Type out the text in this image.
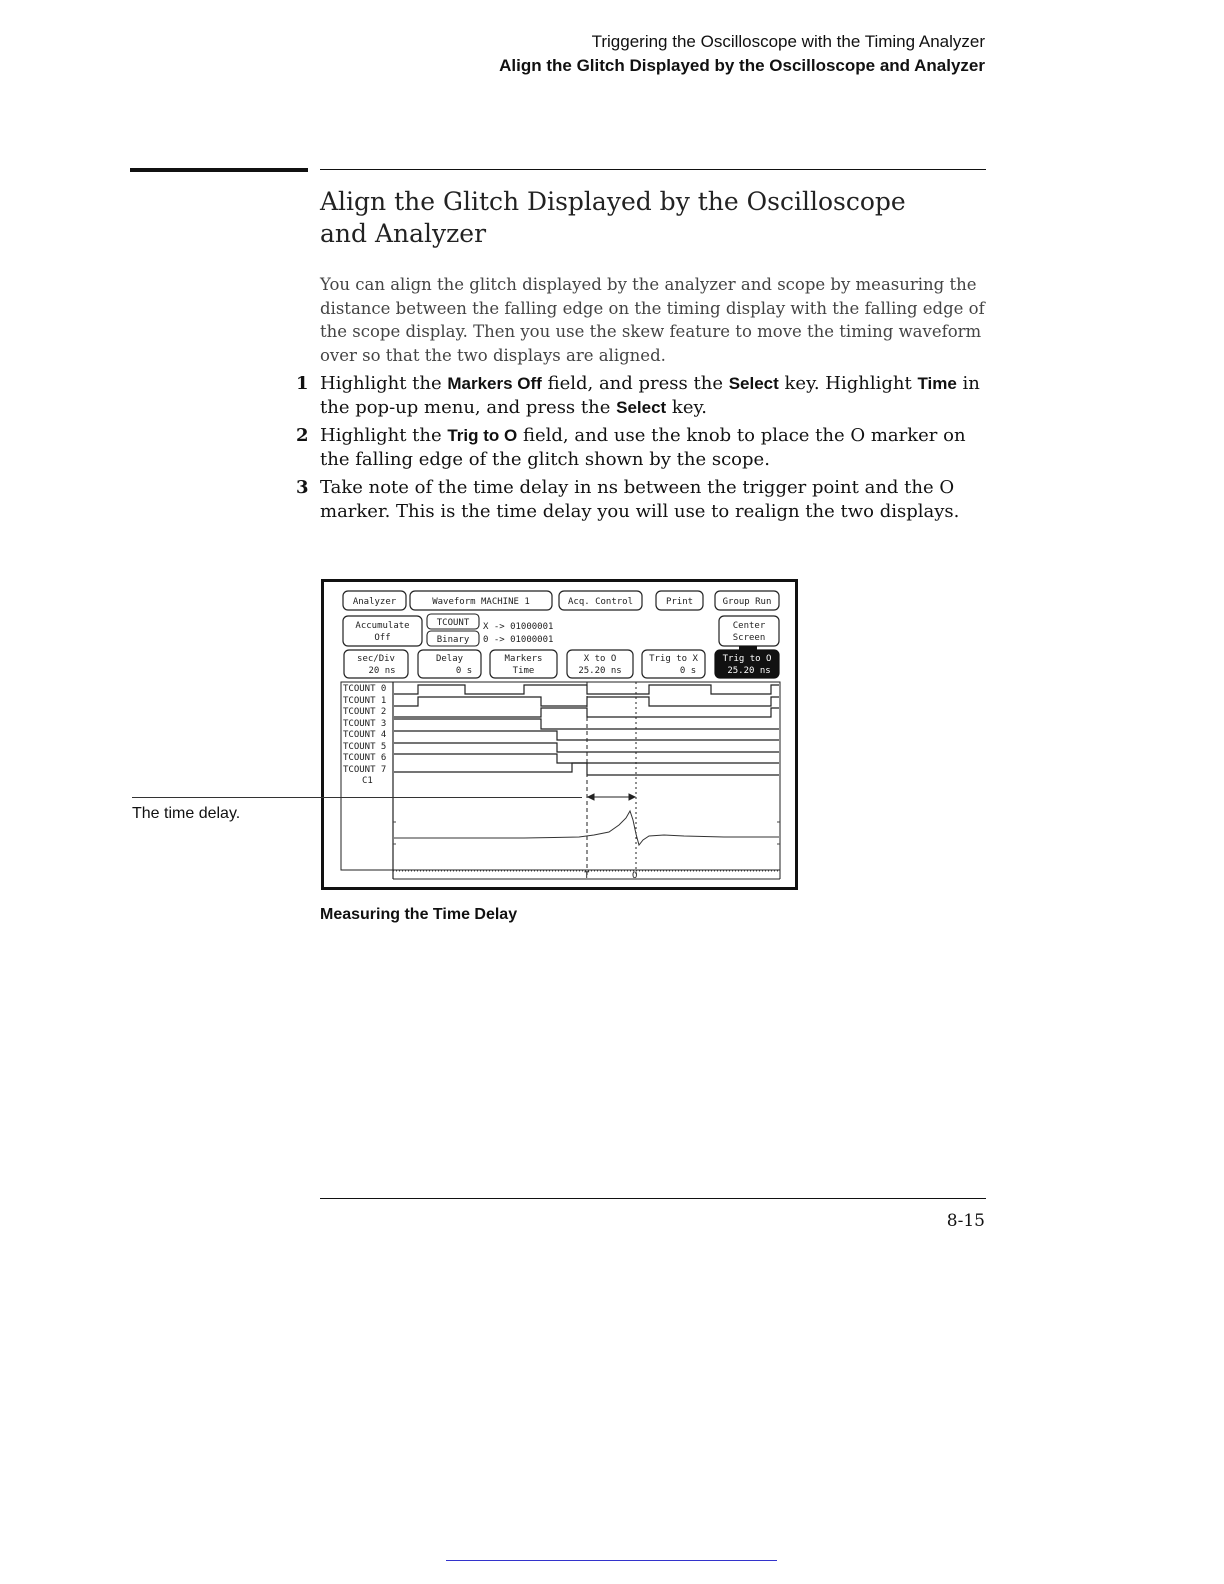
Triggering the Oscilloscope with the Timing Analyzer
Align the Glitch Displayed by the Oscilloscope and Analyzer
Align the Glitch Displayed by the Oscilloscope and Analyzer

You can align the glitch displayed by the analyzer and scope by measuring the distance between the falling edge on the timing display with the falling edge of the scope display. Then you use the skew feature to move the timing waveform over so that the two displays are aligned.

1 Highlight the Markers Off field, and press the Select key. Highlight Time in the pop-up menu, and press the Select key.
2 Highlight the Trig to O field, and use the knob to place the O marker on the falling edge of the glitch shown by the scope.
3 Take note of the time delay in ns between the trigger point and the O marker. This is the time delay you will use to realign the two displays.
Analyzer	Waveform MACHINE 1	Acq. Control	Print	Group Run
Accumulate
Off
TCOUNT
Binary
X -> 01000001
0 -> 01000001
Center
Screen
sec/Div
20 ns
Delay
0 s
Markers
Time
X to O
25.20 ns
Trig to X
0 s
Trig to O
25.20 ns
TCOUNT 0
TCOUNT 1
TCOUNT 2
TCOUNT 3
TCOUNT 4
TCOUNT 5
TCOUNT 6
TCOUNT 7
C1
T	O
The time delay.
Measuring the Time Delay
8-15
